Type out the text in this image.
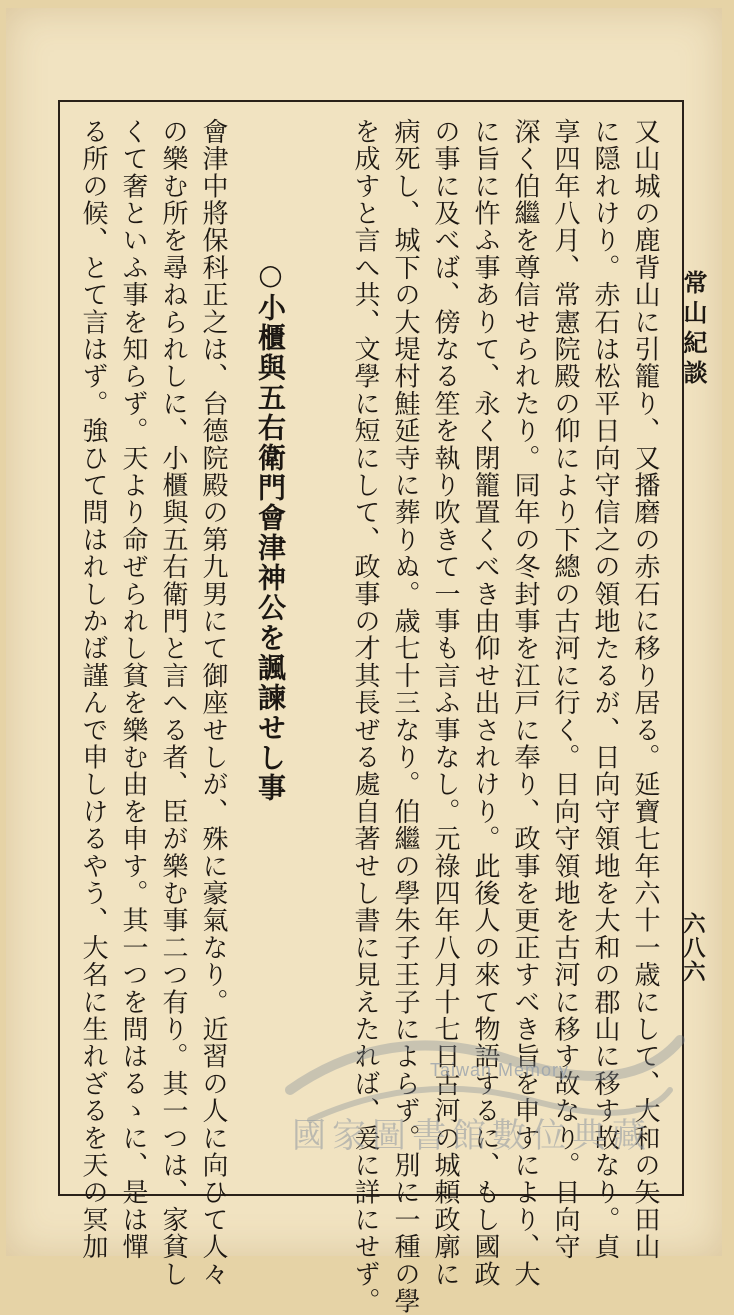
常山紀談
六八六
又山城の鹿背山に引籠り、又播磨の赤石に移り居る。延寶七年六十一歳にして、大和の矢田山
に隠れけり。赤石は松平日向守信之の領地たるが、日向守領地を大和の郡山に移す故なり。貞
享四年八月、常憲院殿の仰により下總の古河に行く。日向守領地を古河に移す故なり。日向守
深く伯繼を尊信せられたり。同年の冬封事を江戸に奉り、政事を更正すべき旨を申すにより、大
に旨に忤ふ事ありて、永く閉籠置くべき由仰せ出されけり。此後人の來て物語するに、もし國政
の事に及べば、傍なる笙を執り吹きて一事も言ふ事なし。元祿四年八月十七日古河の城頼政廓に
病死し、城下の大堤村鮭延寺に葬りぬ。歳七十三なり。伯繼の學朱子王子によらず。別に一種の學
を成すと言へ共、文學に短にして、政事の才其長ぜる處自著せし書に見えたれば、爰に詳にせず。
○小櫃與五右衛門會津神公を諷諫せし事
會津中將保科正之は、台德院殿の第九男にて御座せしが、殊に豪氣なり。近習の人に向ひて人々
の樂む所を尋ねられしに、小櫃與五右衛門と言へる者、臣が樂む事二つ有り。其一つは、家貧し
くて奢といふ事を知らず。天より命ぜられし貧を樂む由を申す。其一つを問はるゝに、是は憚
る所の候、とて言はず。強ひて問はれしかば謹んで申しけるやう、大名に生れざるを天の冥加	Taiwan Memory
國家圖書館數位典藏
